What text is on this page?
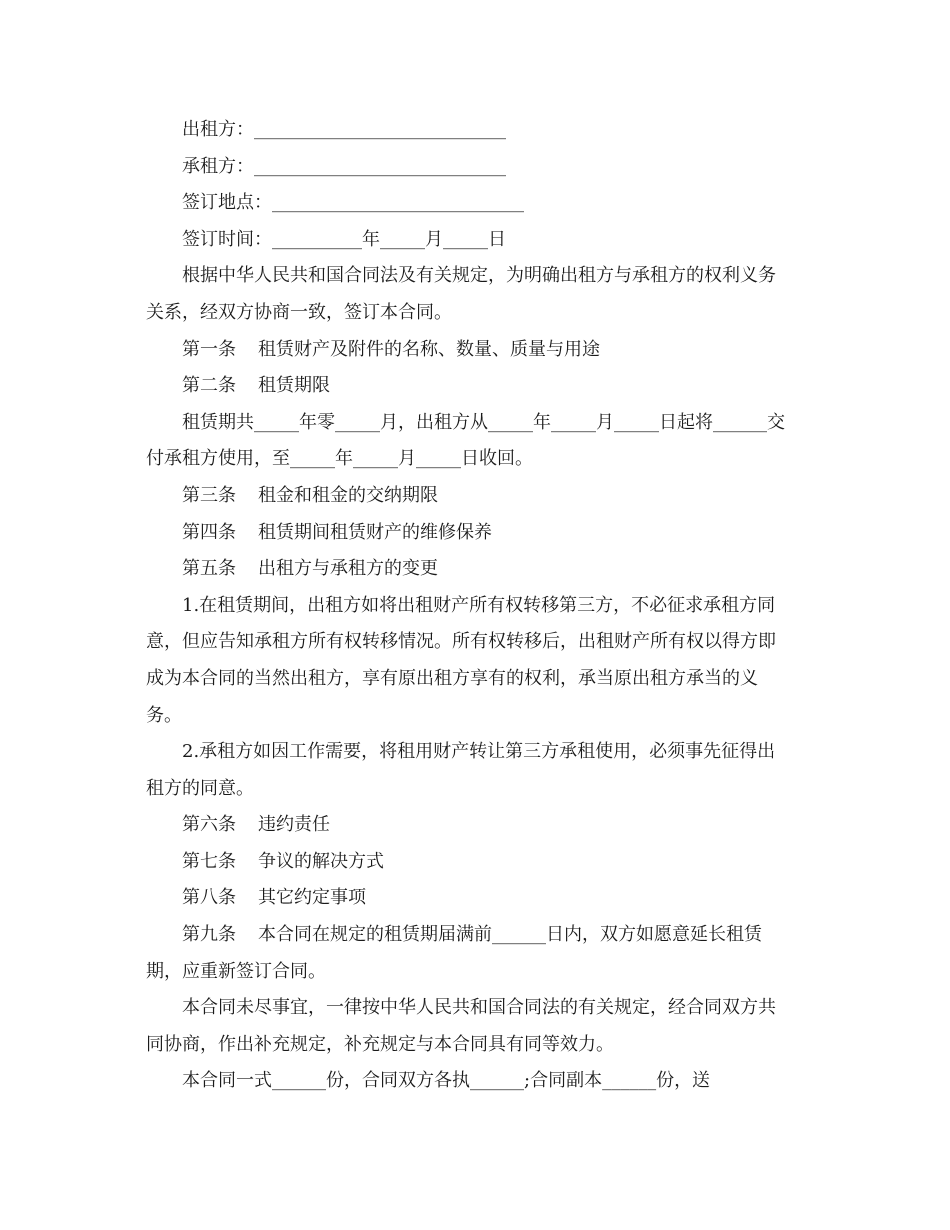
出租方：____________________________
承租方：____________________________
签订地点：____________________________
签订时间：__________年_____月_____日
根据中华人民共和国合同法及有关规定，为明确出租方与承租方的权利义务
关系，经双方协商一致，签订本合同。
第一条 租赁财产及附件的名称、数量、质量与用途
第二条 租赁期限
租赁期共_____年零_____月，出租方从_____年_____月_____日起将______交
付承租方使用，至_____年_____月_____日收回。
第三条 租金和租金的交纳期限
第四条 租赁期间租赁财产的维修保养
第五条 出租方与承租方的变更
1.在租赁期间，出租方如将出租财产所有权转移第三方，不必征求承租方同
意，但应告知承租方所有权转移情况。所有权转移后，出租财产所有权以得方即
成为本合同的当然出租方，享有原出租方享有的权利，承当原出租方承当的义
务。
2.承租方如因工作需要，将租用财产转让第三方承租使用，必须事先征得出
租方的同意。
第六条 违约责任
第七条 争议的解决方式
第八条 其它约定事项
第九条 本合同在规定的租赁期届满前______日内，双方如愿意延长租赁
期，应重新签订合同。
本合同未尽事宜，一律按中华人民共和国合同法的有关规定，经合同双方共
同协商，作出补充规定，补充规定与本合同具有同等效力。
本合同一式______份，合同双方各执______;合同副本______份，送
